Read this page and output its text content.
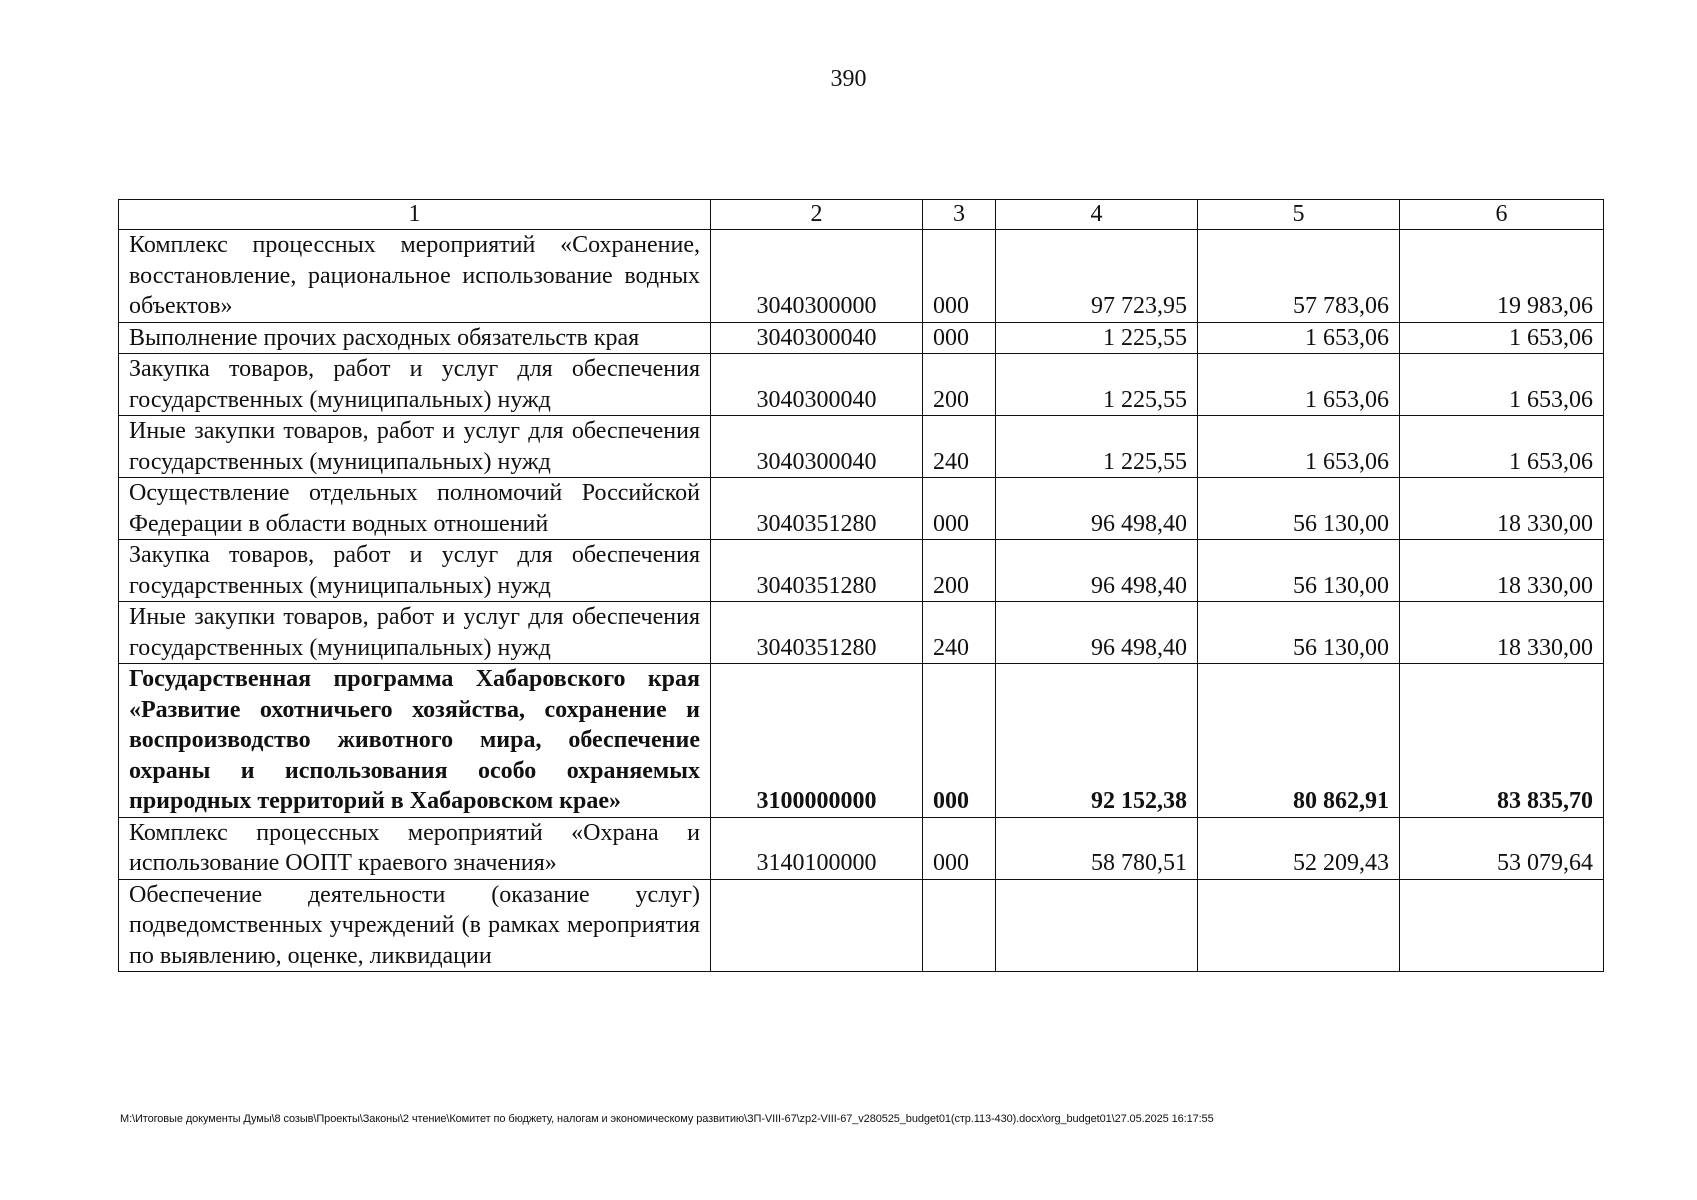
390
1	2	3	4	5	6
Комплекс процессных мероприятий «Сохранение, восстановление, рациональное использование водных объектов»	3040300000	000	97 723,95	57 783,06	19 983,06
Выполнение прочих расходных обязательств края	3040300040	000	1 225,55	1 653,06	1 653,06
Закупка товаров, работ и услуг для обеспечения государственных (муниципальных) нужд	3040300040	200	1 225,55	1 653,06	1 653,06
Иные закупки товаров, работ и услуг для обеспечения государственных (муниципальных) нужд	3040300040	240	1 225,55	1 653,06	1 653,06
Осуществление отдельных полномочий Российской Федерации в области водных отношений	3040351280	000	96 498,40	56 130,00	18 330,00
Закупка товаров, работ и услуг для обеспечения государственных (муниципальных) нужд	3040351280	200	96 498,40	56 130,00	18 330,00
Иные закупки товаров, работ и услуг для обеспечения государственных (муниципальных) нужд	3040351280	240	96 498,40	56 130,00	18 330,00
Государственная программа Хабаровского края «Развитие охотничьего хозяйства, сохранение и воспроизводство животного мира, обеспечение охраны и использования особо охраняемых природных территорий в Хабаровском крае»	3100000000	000	92 152,38	80 862,91	83 835,70
Комплекс процессных мероприятий «Охрана и использование ООПТ краевого значения»	3140100000	000	58 780,51	52 209,43	53 079,64
Обеспечение деятельности (оказание услуг) подведомственных учреждений (в рамках мероприятия по выявлению, оценке, ликвидации					
M:\Итоговые документы Думы\8 созыв\Проекты\Законы\2 чтение\Комитет по бюджету, налогам и экономическому развитию\ЗП-VIII-67\zp2-VIII-67_v280525_budget01(стр.113-430).docx\org_budget01\27.05.2025 16:17:55
